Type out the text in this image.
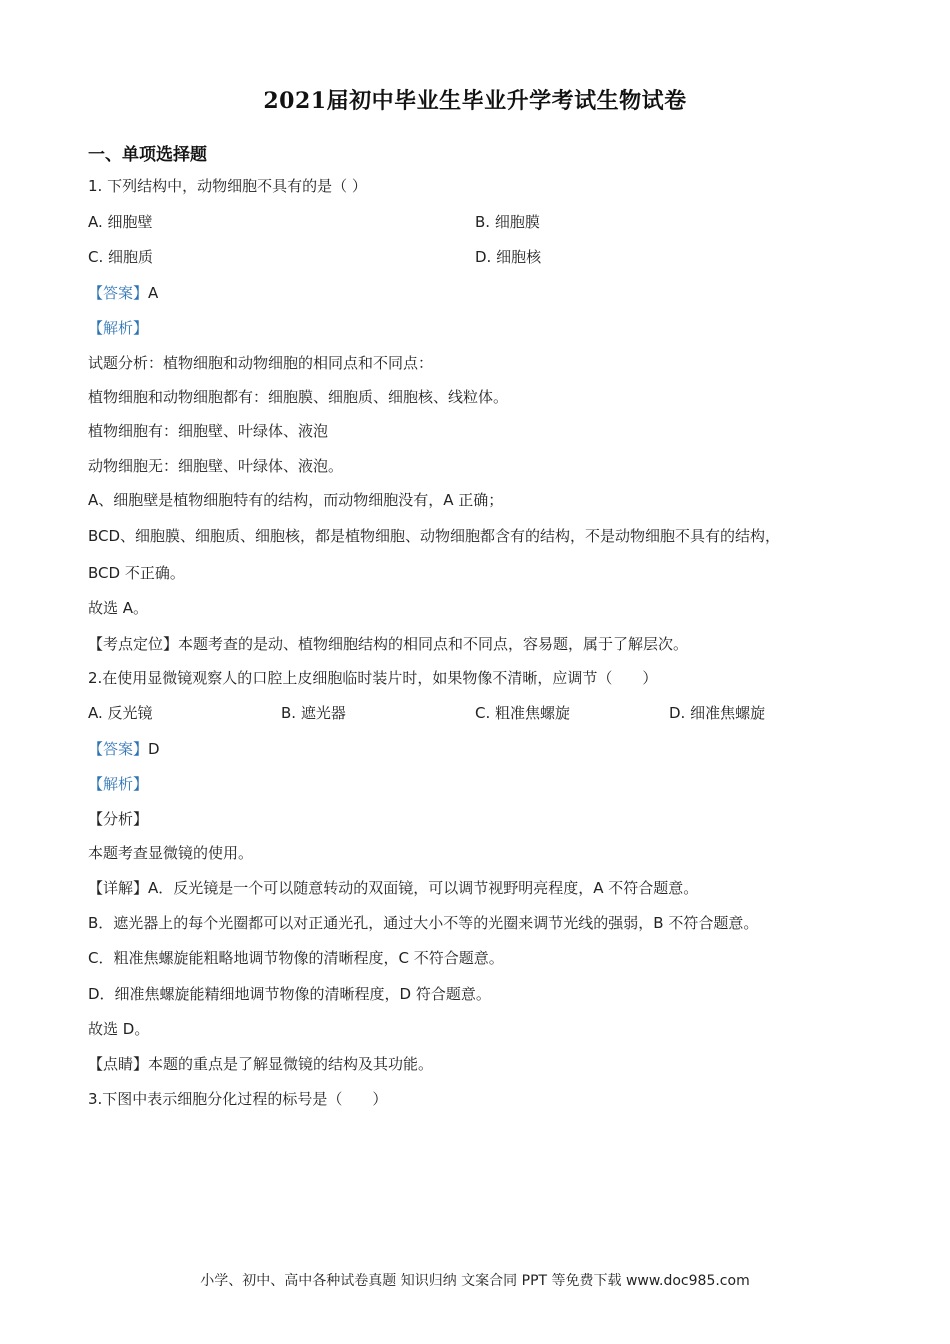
2021届初中毕业生毕业升学考试生物试卷
一、单项选择题
1. 下列结构中，动物细胞不具有的是（ ）
A. 细胞壁	B. 细胞膜
C. 细胞质	D. 细胞核
【答案】A
【解析】
试题分析：植物细胞和动物细胞的相同点和不同点：
植物细胞和动物细胞都有：细胞膜、细胞质、细胞核、线粒体。
植物细胞有：细胞壁、叶绿体、液泡
动物细胞无：细胞壁、叶绿体、液泡。
A、细胞壁是植物细胞特有的结构，而动物细胞没有，A 正确；
BCD、细胞膜、细胞质、细胞核，都是植物细胞、动物细胞都含有的结构，不是动物细胞不具有的结构，
BCD 不正确。
故选 A。
【考点定位】本题考查的是动、植物细胞结构的相同点和不同点，容易题，属于了解层次。
2.在使用显微镜观察人的口腔上皮细胞临时装片时，如果物像不清晰，应调节（　　）
A. 反光镜	B. 遮光器	C. 粗准焦螺旋	D. 细准焦螺旋
【答案】D
【解析】
【分析】
本题考查显微镜的使用。
【详解】A．反光镜是一个可以随意转动的双面镜，可以调节视野明亮程度，A 不符合题意。
B．遮光器上的每个光圈都可以对正通光孔，通过大小不等的光圈来调节光线的强弱，B 不符合题意。
C．粗准焦螺旋能粗略地调节物像的清晰程度，C 不符合题意。
D．细准焦螺旋能精细地调节物像的清晰程度，D 符合题意。
故选 D。
【点睛】本题的重点是了解显微镜的结构及其功能。
3.下图中表示细胞分化过程的标号是（　　）
小学、初中、高中各种试卷真题 知识归纳 文案合同 PPT 等免费下载 www.doc985.com
